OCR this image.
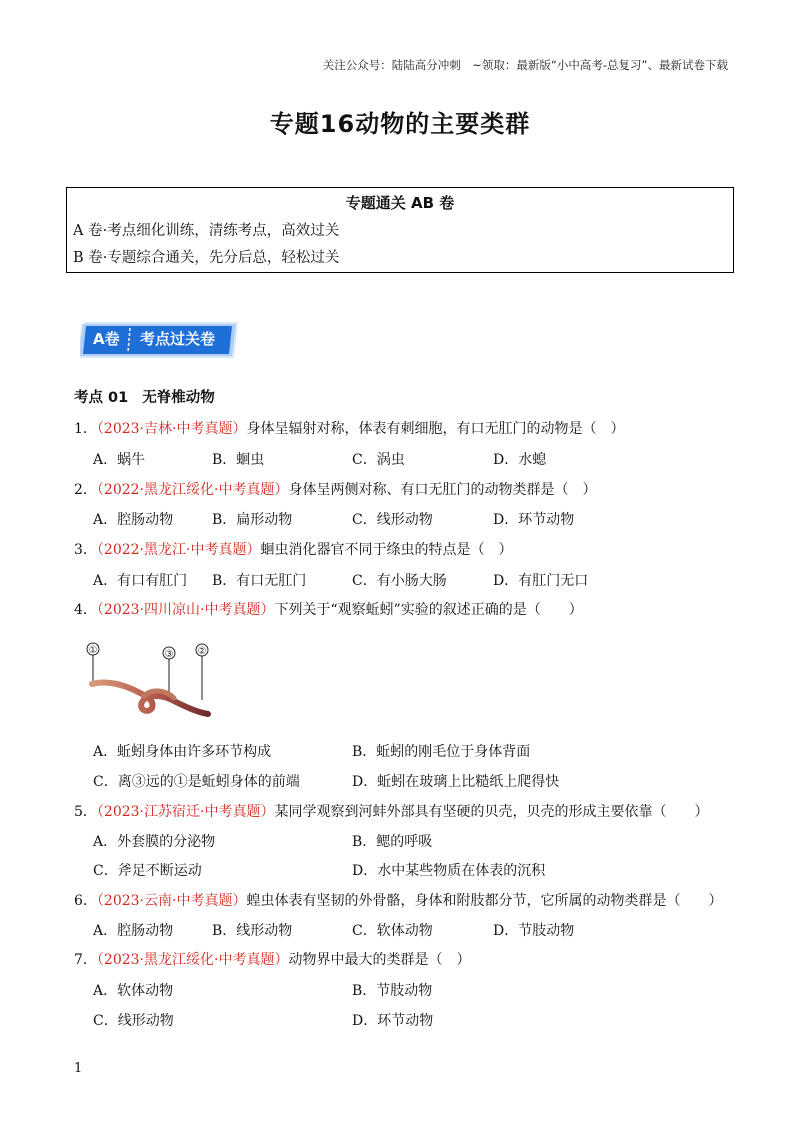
关注公众号：陆陆高分冲刺　~领取：最新版“小中高考-总复习”、最新试卷下载
专题16动物的主要类群
专题通关 AB 卷
A 卷·考点细化训练，清练考点，高效过关
B 卷·专题综合通关，先分后总，轻松过关
A卷 考点过关卷
考点 01 无脊椎动物
1．（2023·吉林·中考真题）身体呈辐射对称，体表有刺细胞，有口无肛门的动物是（　）
A．蜗牛	B．蛔虫	C．涡虫	D．水螅
2．（2022·黑龙江绥化·中考真题）身体呈两侧对称、有口无肛门的动物类群是（　）
A．腔肠动物	B．扁形动物	C．线形动物	D．环节动物
3．（2022·黑龙江·中考真题）蛔虫消化器官不同于绦虫的特点是（　）
A．有口有肛门 B．有口无肛门	C．有小肠大肠	D．有肛门无口
4．（2023·四川凉山·中考真题）下列关于“观察蚯蚓”实验的叙述正确的是（　　）
①	③ ②
A．蚯蚓身体由许多环节构成	B．蚯蚓的刚毛位于身体背面
C．离③远的①是蚯蚓身体的前端	D．蚯蚓在玻璃上比糙纸上爬得快
5．（2023·江苏宿迁·中考真题）某同学观察到河蚌外部具有坚硬的贝壳，贝壳的形成主要依靠（　　）
A．外套膜的分泌物	B．鳃的呼吸
C．斧足不断运动	D．水中某些物质在体表的沉积
6．（2023·云南·中考真题）蝗虫体表有坚韧的外骨骼，身体和附肢都分节，它所属的动物类群是（　　）
A．腔肠动物	B．线形动物	C．软体动物	D．节肢动物
7．（2023·黑龙江绥化·中考真题）动物界中最大的类群是（　）
A．软体动物	B．节肢动物
C．线形动物	D．环节动物
1
